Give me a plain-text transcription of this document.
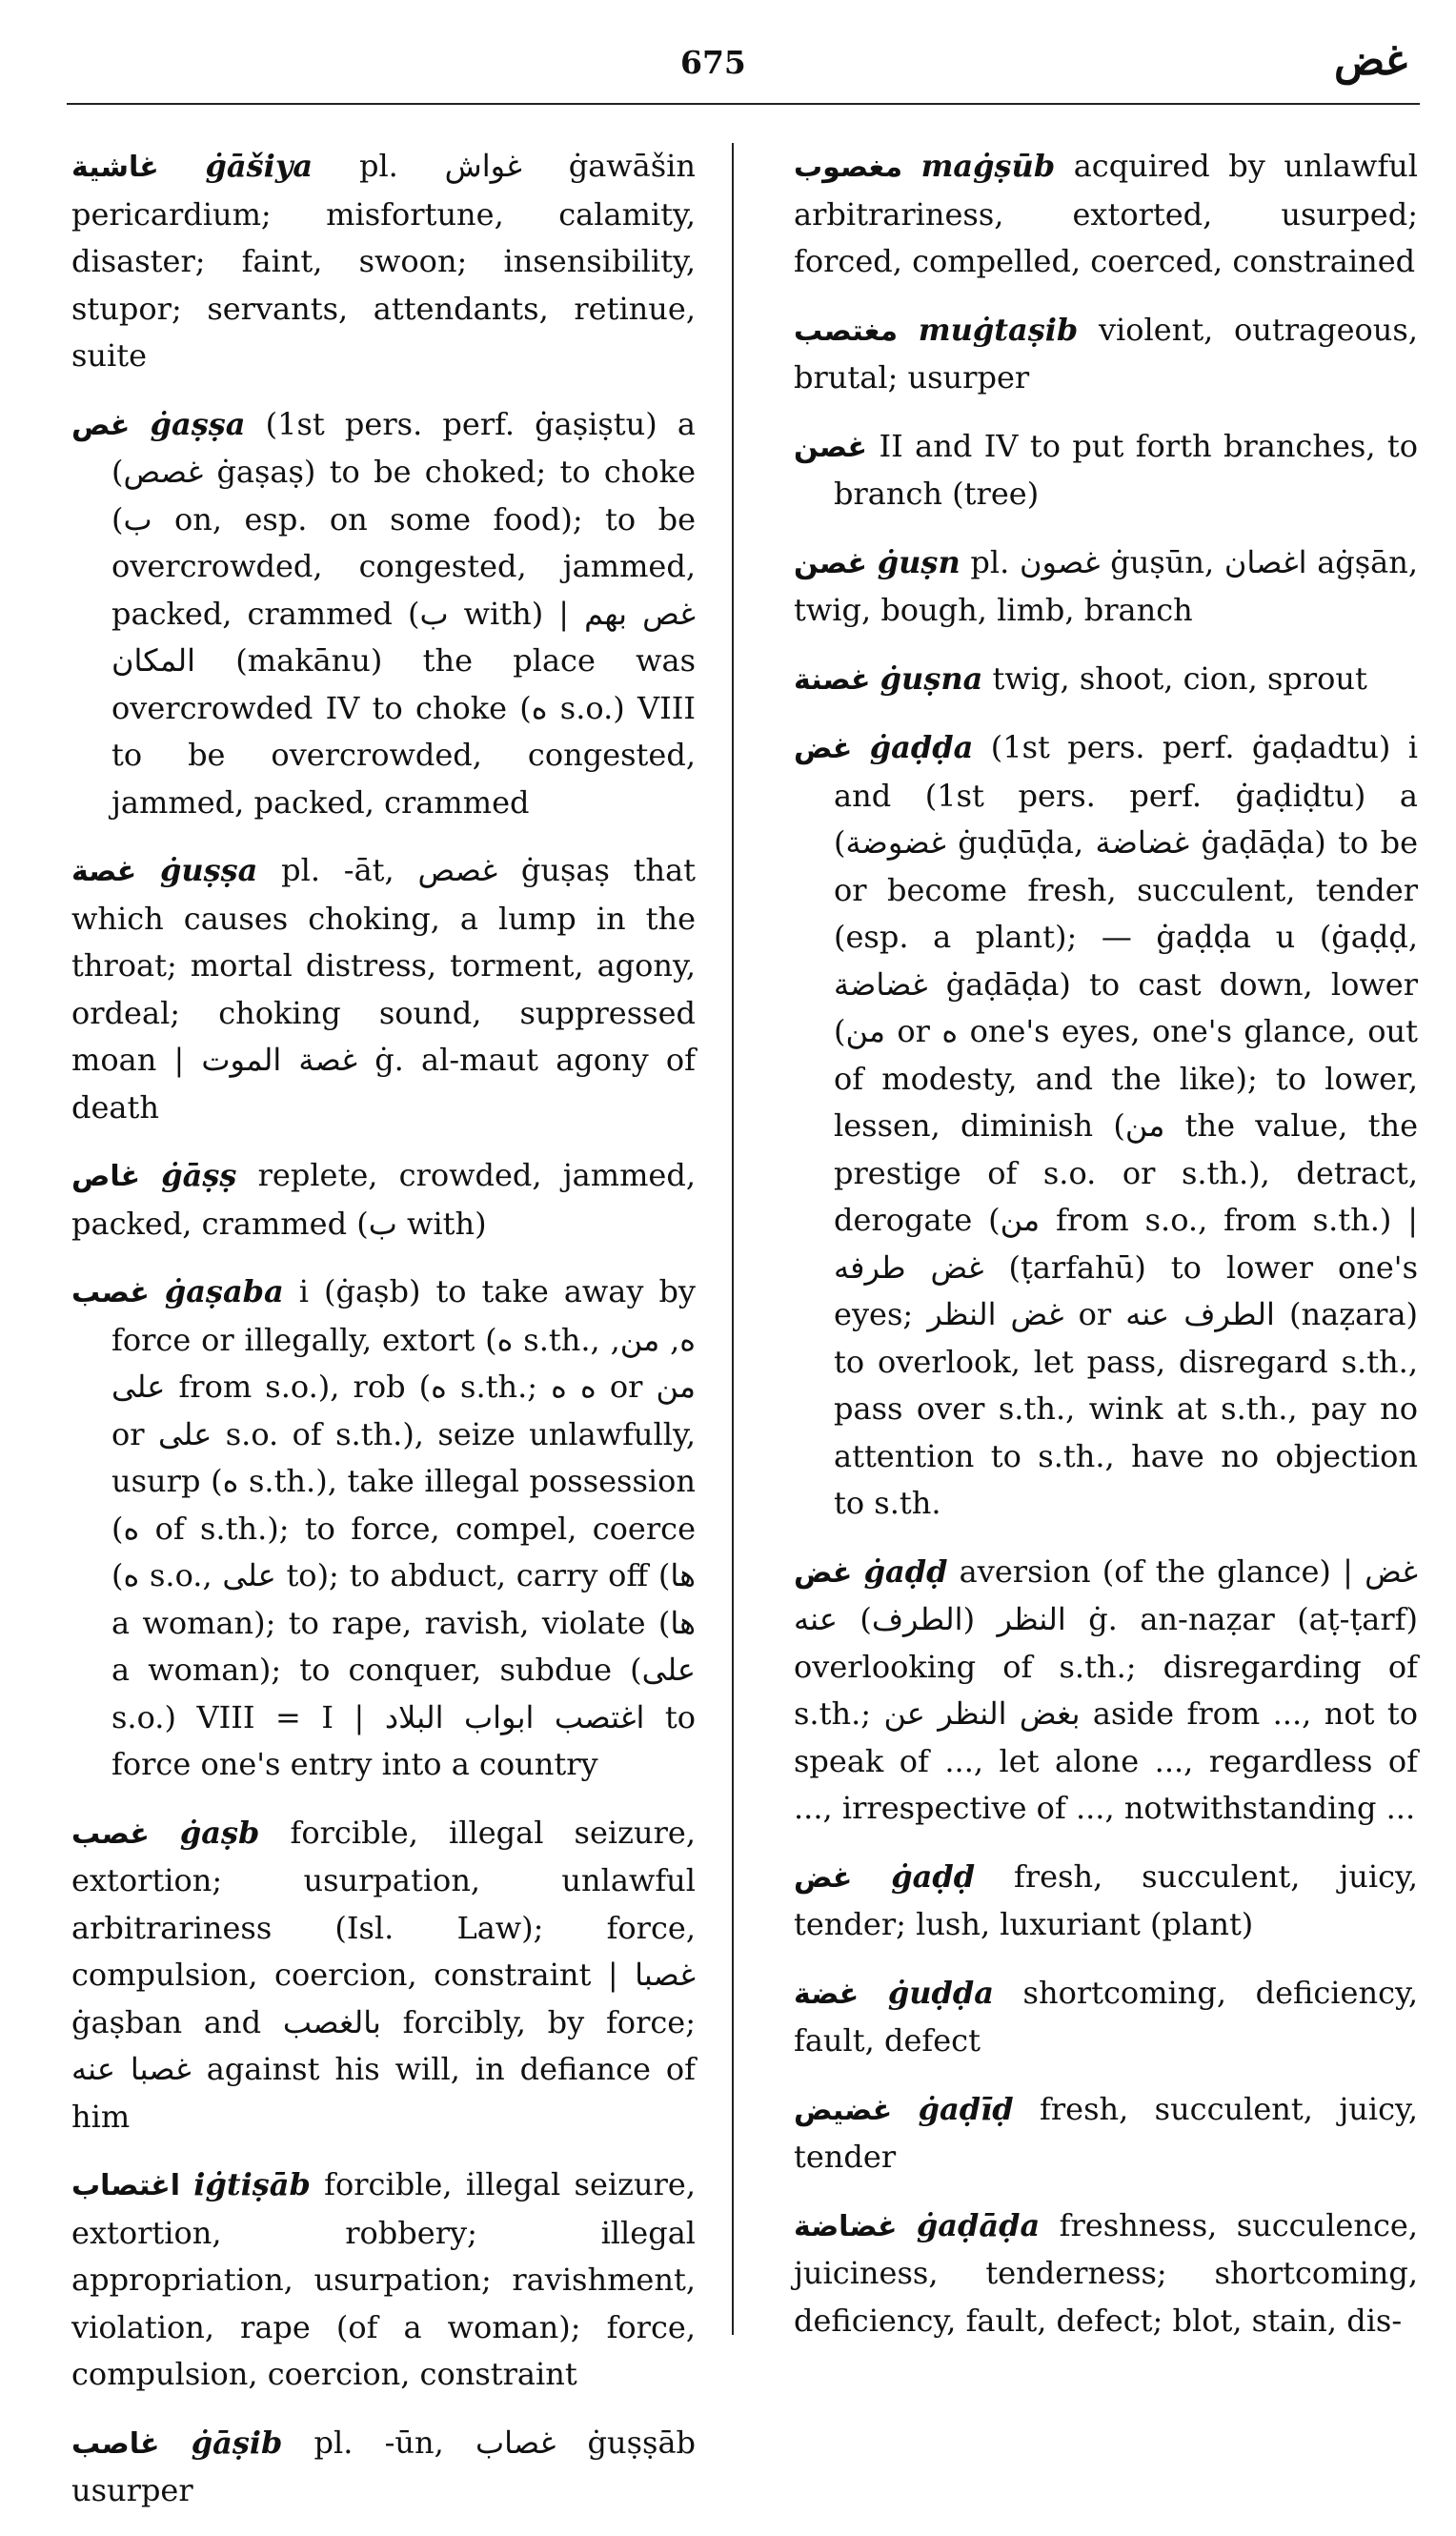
675	غض
غاشية ġāšiya pl. غواش ġawāšin pericardium; misfortune, calamity, disaster; faint, swoon; insensibility, stupor; servants, attendants, retinue, suite
غص ġaṣṣa (1st pers. perf. ġaṣiṣtu) a (غصص ġaṣaṣ) to be choked; to choke (ب on, esp. on some food); to be overcrowded, congested, jammed, packed, crammed (ب with) | غص بهم المكان (makānu) the place was overcrowded IV to choke (ه s.o.) VIII to be overcrowded, congested, jammed, packed, crammed
غصة ġuṣṣa pl. -āt, غصص ġuṣaṣ that which causes choking, a lump in the throat; mortal distress, torment, agony, ordeal; choking sound, suppressed moan | غصة الموت ġ. al-maut agony of death
غاص ġāṣṣ replete, crowded, jammed, packed, crammed (ب with)
غصب ġaṣaba i (ġaṣb) to take away by force or illegally, extort (ه s.th., ه, من, على from s.o.), rob (ه s.th.; ه ه or من or على s.o. of s.th.), seize unlawfully, usurp (ه s.th.), take illegal possession (ه of s.th.); to force, compel, coerce (ه s.o., على to); to abduct, carry off (ها a woman); to rape, ravish, violate (ها a woman); to conquer, subdue (على s.o.) VIII = I | اغتصب ابواب البلاد to force one's entry into a country
غصب ġaṣb forcible, illegal seizure, extortion; usurpation, unlawful arbitrariness (Isl. Law); force, compulsion, coercion, constraint | غصبا ġaṣban and بالغصب forcibly, by force; غصبا عنه against his will, in defiance of him
اغتصاب iġtiṣāb forcible, illegal seizure, extortion, robbery; illegal appropriation, usurpation; ravishment, violation, rape (of a woman); force, compulsion, coercion, constraint
غاصب ġāṣib pl. -ūn, غصاب ġuṣṣāb usurper
مغصوب maġṣūb acquired by unlawful arbitrariness, extorted, usurped; forced, compelled, coerced, constrained
مغتصب muġtaṣib violent, outrageous, brutal; usurper
غصن II and IV to put forth branches, to branch (tree)
غصن ġuṣn pl. غصون ġuṣūn, اغصان aġṣān, twig, bough, limb, branch
غصنة ġuṣna twig, shoot, cion, sprout
غض ġaḍḍa (1st pers. perf. ġaḍadtu) i and (1st pers. perf. ġaḍiḍtu) a (غضوضة ġuḍūḍa, غضاضة ġaḍāḍa) to be or become fresh, succulent, tender (esp. a plant); — ġaḍḍa u (ġaḍḍ, غضاضة ġaḍāḍa) to cast down, lower (من or ه one's eyes, one's glance, out of modesty, and the like); to lower, lessen, diminish (من the value, the prestige of s.o. or s.th.), detract, derogate (من from s.o., from s.th.) | غض طرفه (ṭarfahū) to lower one's eyes; غض النظر or الطرف عنه (naẓara) to overlook, let pass, disregard s.th., pass over s.th., wink at s.th., pay no attention to s.th., have no objection to s.th.
غض ġaḍḍ aversion (of the glance) | غض النظر (الطرف) عنه ġ. an-naẓar (aṭ-ṭarf) overlooking of s.th.; disregarding of s.th.; بغض النظر عن aside from ..., not to speak of ..., let alone ..., regardless of ..., irrespective of ..., notwithstanding ...
غض ġaḍḍ fresh, succulent, juicy, tender; lush, luxuriant (plant)
غضة ġuḍḍa shortcoming, deficiency, fault, defect
غضيض ġaḍīḍ fresh, succulent, juicy, tender
غضاضة ġaḍāḍa freshness, succulence, juiciness, tenderness; shortcoming, deficiency, fault, defect; blot, stain, dis-
